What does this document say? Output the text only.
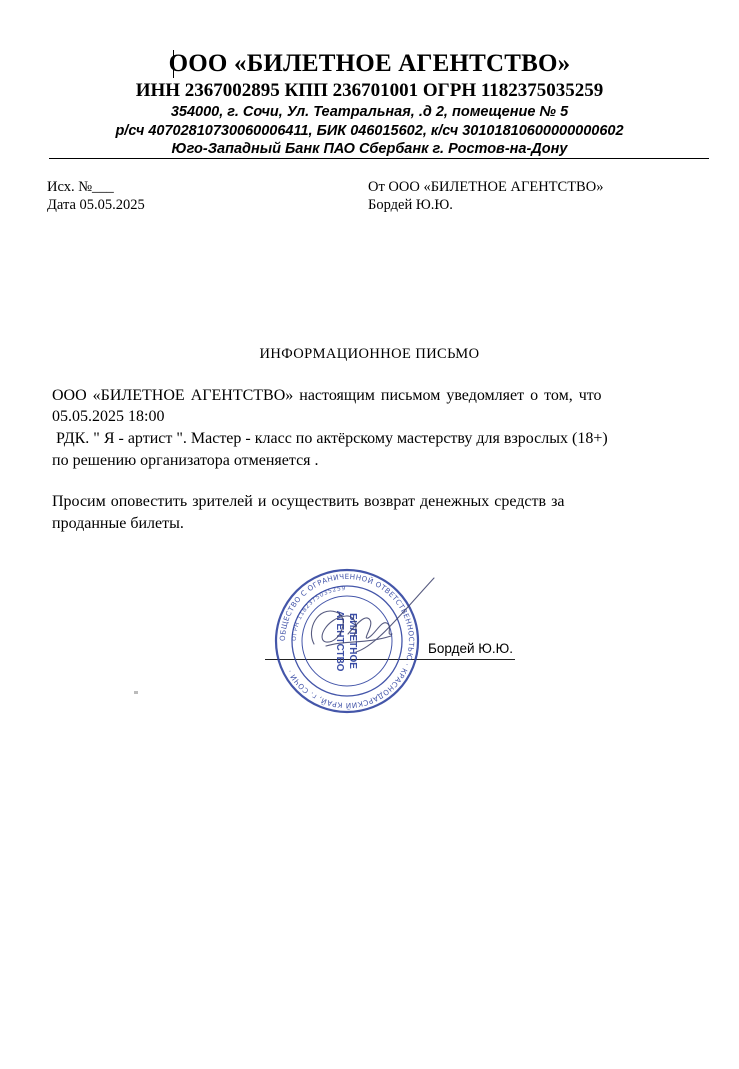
ООО «БИЛЕТНОЕ АГЕНТСТВО»
ИНН 2367002895 КПП 236701001 ОГРН 1182375035259
354000, г. Сочи, Ул. Театральная, .д 2, помещение № 5
р/сч 40702810730060006411, БИК 046015602, к/сч 30101810600000000602
Юго-Западный Банк ПАО Сбербанк г. Ростов-на-Дону
Исх. №___
Дата 05.05.2025
От ООО «БИЛЕТНОЕ АГЕНТСТВО»
Бордей Ю.Ю.
ИНФОРМАЦИОННОЕ ПИСЬМО
ООО «БИЛЕТНОЕ АГЕНТСТВО» настоящим письмом уведомляет о том, что
05.05.2025 18:00
РДК. " Я - артист ". Мастер - класс по актёрскому мастерству для взрослых (18+)
по решению организатора отменяется .
Просим оповестить зрителей и осуществить возврат денежных средств за
проданные билеты.
Бордей Ю.Ю.
ОБЩЕСТВО С ОГРАНИЧЕННОЙ ОТВЕТСТВЕННОСТЬЮ · КРАСНОДАРСКИЙ КРАЙ, г. СОЧИ ·
ОГРН 1182375035259
БИЛЕТНОЕ
АГЕНТСТВО
